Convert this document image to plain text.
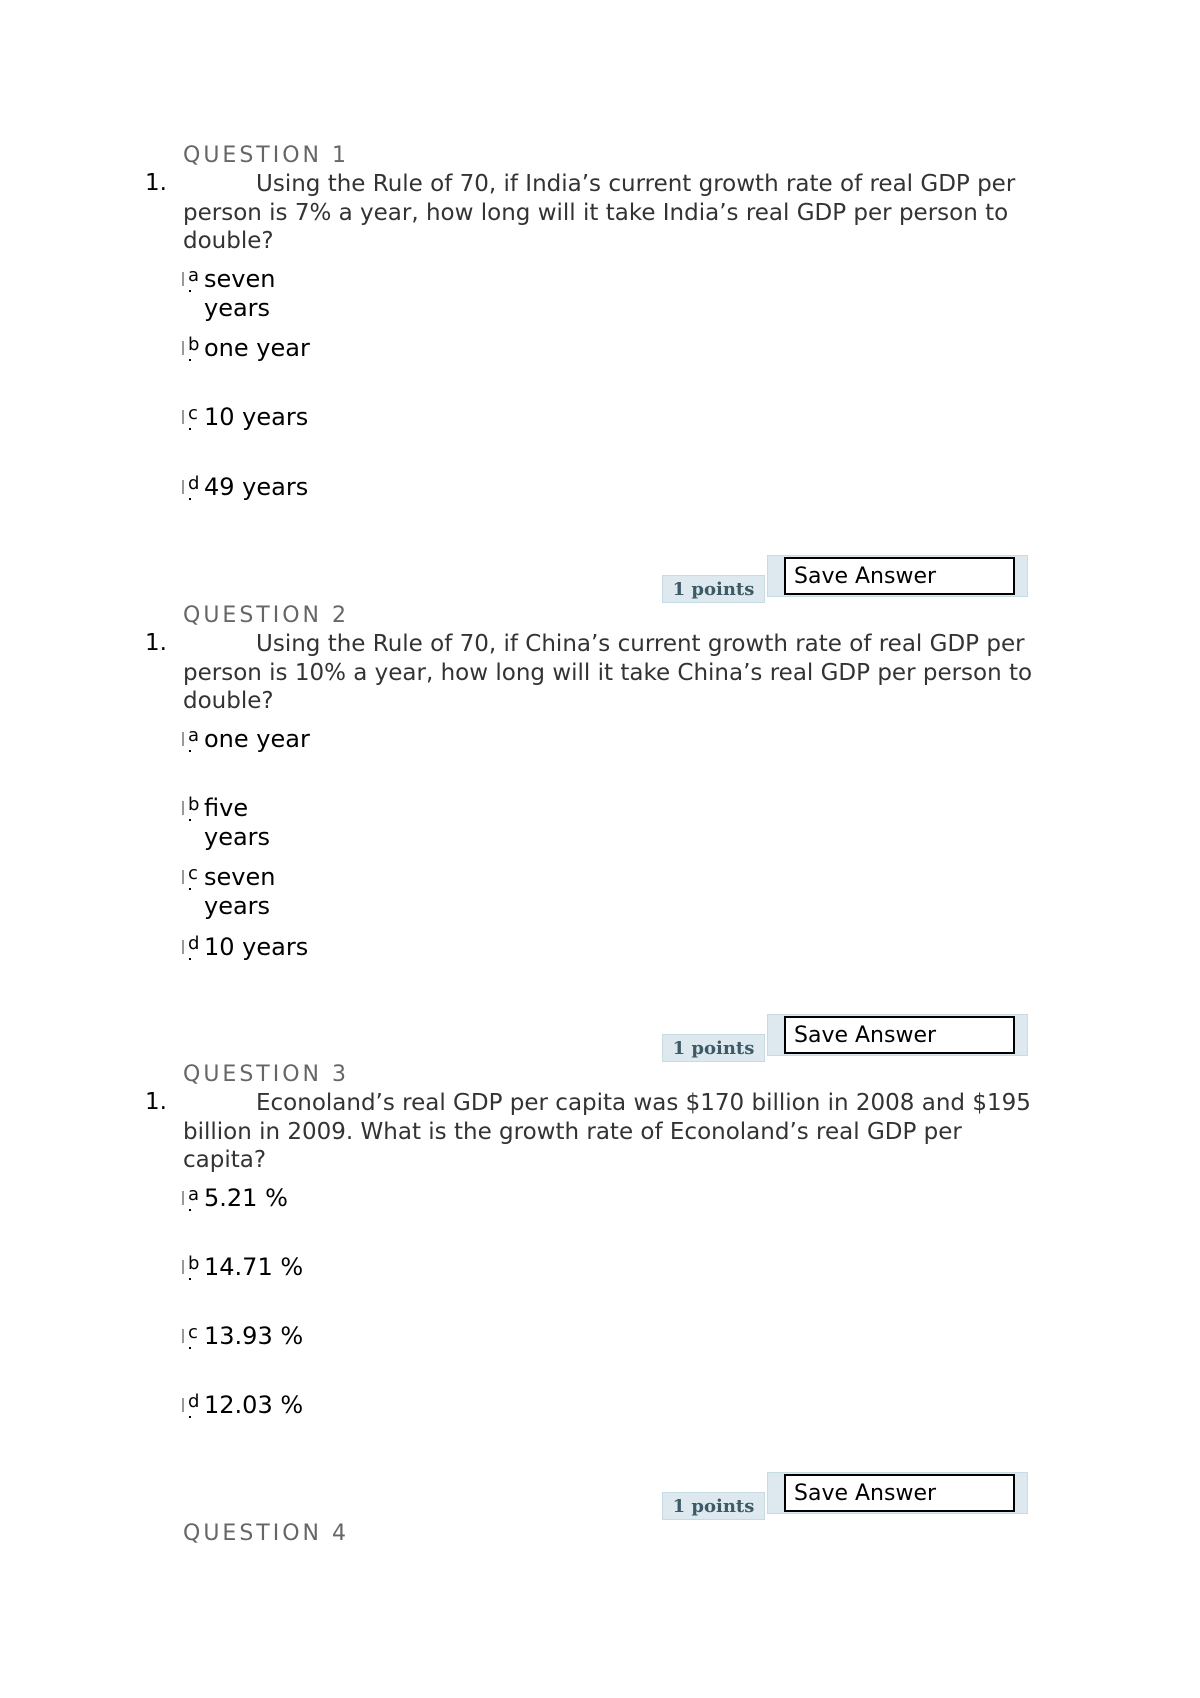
QUESTION 1
1.	Using the Rule of 70, if India’s current growth rate of real GDP per person is 7% a year, how long will it take India’s real GDP per person to double?
a seven years
b one year
c 10 years
d 49 years
1 points
Save Answer
QUESTION 2
1.	Using the Rule of 70, if China’s current growth rate of real GDP per person is 10% a year, how long will it take China’s real GDP per person to double?
a one year
b five years
c seven years
d 10 years
1 points
Save Answer
QUESTION 3
1.	Econoland’s real GDP per capita was $170 billion in 2008 and $195 billion in 2009. What is the growth rate of Econoland’s real GDP per capita?
a 5.21 %
b 14.71 %
c 13.93 %
d 12.03 %
1 points
Save Answer
QUESTION 4
